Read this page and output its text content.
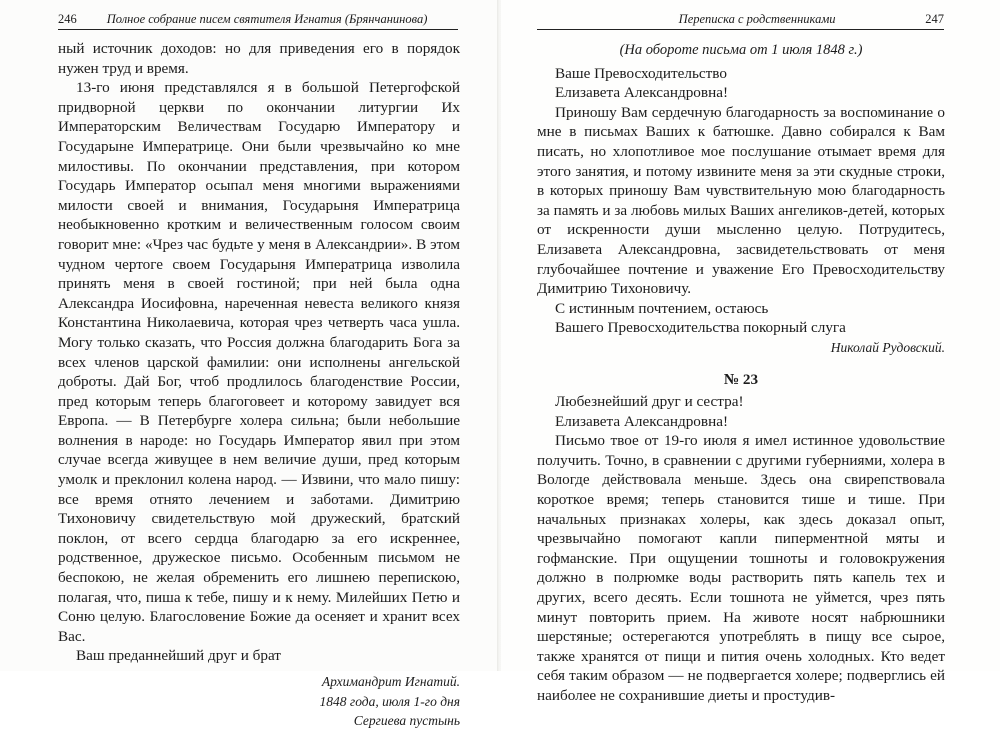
246 Полное собрание писем святителя Игнатия (Брянчанинова)

ный источник доходов: но для приведения его в порядок нужен труд и время.

13-го июня представлялся я в большой Петергофской придворной церкви по окончании литургии Их Императорским Величествам Государю Императору и Государыне Императрице. Они были чрезвычайно ко мне милостивы. По окончании представления, при котором Государь Император осыпал меня многими выражениями милости своей и внимания, Государыня Императрица необыкновенно кротким и величественным голосом своим говорит мне: «Чрез час будьте у меня в Александрии». В этом чудном чертоге своем Государыня Императрица изволила принять меня в своей гостиной; при ней была одна Александра Иосифовна, нареченная невеста великого князя Константина Николаевича, которая чрез четверть часа ушла. Могу только сказать, что Россия должна благодарить Бога за всех членов царской фамилии: они исполнены ангельской доброты. Дай Бог, чтоб продлилось благоденствие России, пред которым теперь благоговеет и которому завидует вся Европа. — В Петербурге холера сильна; были небольшие волнения в народе: но Государь Император явил при этом случае всегда живущее в нем величие души, пред которым умолк и преклонил колена народ. — Извини, что мало пишу: все время отнято лечением и заботами. Димитрию Тихоновичу свидетельствую мой дружеский, братский поклон, от всего сердца благодарю за его искреннее, родственное, дружеское письмо. Особенным письмом не беспокою, не желая обременить его лишнею перепискою, полагая, что, пиша к тебе, пишу и к нему. Милейших Петю и Соню целую. Благословение Божие да осеняет и хранит всех Вас.

Ваш преданнейший друг и брат

Архимандрит Игнатий.

1848 года, июля 1-го дня

Сергиева пустынь

Переписка с родственниками	247

(На обороте письма от 1 июля 1848 г.)

Ваше Превосходительство

Елизавета Александровна!

Приношу Вам сердечную благодарность за воспоминание о мне в письмах Ваших к батюшке. Давно собирался к Вам писать, но хлопотливое мое послушание отымает время для этого занятия, и потому извините меня за эти скудные строки, в которых приношу Вам чувствительную мою благодарность за память и за любовь милых Ваших ангеликов-детей, которых от искренности души мысленно целую. Потрудитесь, Елизавета Александровна, засвидетельствовать от меня глубочайшее почтение и уважение Его Превосходительству Димитрию Тихоновичу.

С истинным почтением, остаюсь

Вашего Превосходительства покорный слуга

Николай Рудовский.

№ 23

Любезнейший друг и сестра!

Елизавета Александровна!

Письмо твое от 19-го июля я имел истинное удовольствие получить. Точно, в сравнении с другими губерниями, холера в Вологде действовала меньше. Здесь она свирепствовала короткое время; теперь становится тише и тише. При начальных признаках холеры, как здесь доказал опыт, чрезвычайно помогают капли пиперментной мяты и гофманские. При ощущении тошноты и головокружения должно в полрюмке воды растворить пять капель тех и других, всего десять. Если тошнота не уймется, чрез пять минут повторить прием. На животе носят набрюшники шерстяные; остерегаются употреблять в пищу все сырое, также хранятся от пищи и пития очень холодных. Кто ведет себя таким образом — не подвергается холере; подверглись ей наиболее не сохранившие диеты и простудив-
